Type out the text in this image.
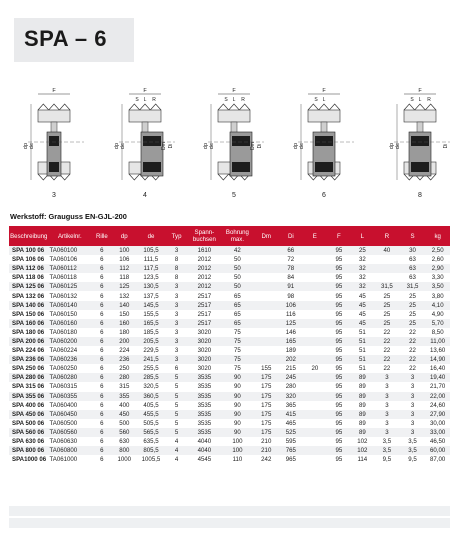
SPA – 6
F
de
dp
3
F
S L R
de
dp	Dm Di
4
F
S L R
de
dp	Dm Di
5
F
S L
de
dp
6
F
S L R
de
dp	Di
8
Werkstoff: Grauguss EN-GJL-200
Beschreibung	Artikelnr.	Rille	dp	de	Typ	Spann-
buchsen	Bohrung
max.	Dm	Di	E	F	L	R	S	kg
SPA 100 06	TA060100	6	100	105,5	3	1610	42		66		95	25	40	30	2,50
SPA 106 06	TA060106	6	106	111,5	8	2012	50		72		95	32		63	2,60
SPA 112 06	TA060112	6	112	117,5	8	2012	50		78		95	32		63	2,90
SPA 118 06	TA060118	6	118	123,5	8	2012	50		84		95	32		63	3,30
SPA 125 06	TA060125	6	125	130,5	3	2012	50		91		95	32	31,5	31,5	3,50
SPA 132 06	TA060132	6	132	137,5	3	2517	65		98		95	45	25	25	3,80
SPA 140 06	TA060140	6	140	145,5	3	2517	65		106		95	45	25	25	4,10
SPA 150 06	TA060150	6	150	155,5	3	2517	65		116		95	45	25	25	4,90
SPA 160 06	TA060160	6	160	165,5	3	2517	65		125		95	45	25	25	5,70
SPA 180 06	TA060180	6	180	185,5	3	3020	75		146		95	51	22	22	8,50
SPA 200 06	TA060200	6	200	205,5	3	3020	75		165		95	51	22	22	11,00
SPA 224 06	TA060224	6	224	229,5	3	3020	75		189		95	51	22	22	13,60
SPA 236 06	TA060236	6	236	241,5	3	3020	75		202		95	51	22	22	14,90
SPA 250 06	TA060250	6	250	255,5	6	3020	75	155	215	20	95	51	22	22	16,40
SPA 280 06	TA060280	6	280	285,5	5	3535	90	175	245		95	89	3	3	19,40
SPA 315 06	TA060315	6	315	320,5	5	3535	90	175	280		95	89	3	3	21,70
SPA 355 06	TA060355	6	355	360,5	5	3535	90	175	320		95	89	3	3	22,00
SPA 400 06	TA060400	6	400	405,5	5	3535	90	175	365		95	89	3	3	24,60
SPA 450 06	TA060450	6	450	455,5	5	3535	90	175	415		95	89	3	3	27,90
SPA 500 06	TA060500	6	500	505,5	5	3535	90	175	465		95	89	3	3	30,00
SPA 560 06	TA060560	6	560	565,5	5	3535	90	175	525		95	89	3	3	33,00
SPA 630 06	TA060630	6	630	635,5	4	4040	100	210	595		95	102	3,5	3,5	46,50
SPA 800 06	TA060800	6	800	805,5	4	4040	100	210	765		95	102	3,5	3,5	60,00
SPA1000 06	TA061000	6	1000	1005,5	4	4545	110	242	965		95	114	9,5	9,5	87,00
